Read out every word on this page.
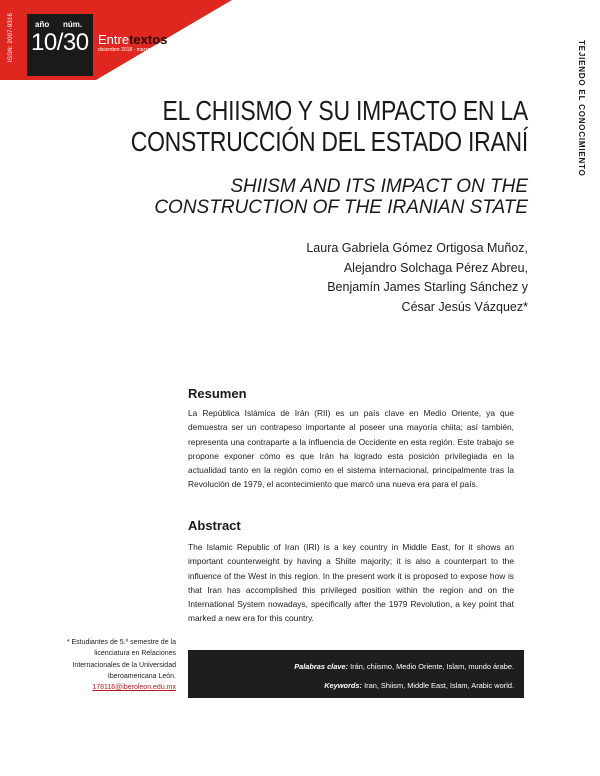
ISSN: 2007-9316	año núm.
10/30 Entretextos
diciembre 2018 - marzo 2019	TEJIENDO EL CONOCIMIENTO
EL CHIISMO Y SU IMPACTO EN LA
CONSTRUCCIÓN DEL ESTADO IRANÍ
SHIISM AND ITS IMPACT ON THE
CONSTRUCTION OF THE IRANIAN STATE
Laura Gabriela Gómez Ortigosa Muñoz,
Alejandro Solchaga Pérez Abreu,
Benjamín James Starling Sánchez y
César Jesús Vázquez*
Resumen
La República Islámica de Irán (RII) es un país clave en Medio Oriente, ya que demuestra ser un contrapeso importante al poseer una mayoría chiita; así también, representa una contraparte a la influencia de Occidente en esta región. Este trabajo se propone exponer cómo es que Irán ha logrado esta posición privilegiada en la actualidad tanto en la región como en el sistema internacional, principalmente tras la Revolución de 1979, el acontecimiento que marcó una nueva era para el país.
Abstract
The Islamic Republic of Iran (IRI) is a key country in Middle East, for it shows an important counterweight by having a Shiite majority; it is also a counterpart to the influence of the West in this region. In the present work it is proposed to expose how is that Iran has accomplished this privileged position within the region and on the International System nowadays, specifically after the 1979 Revolution, a key point that marked a new era for this country.
* Estudiantes de 5.º semestre de la licenciatura en Relaciones Internacionales de la Universidad Iberoamericana León.
178116@iberoleon.edu.mx
Palabras clave: Irán, chiismo, Medio Oriente, Islam, mundo árabe.
Keywords: Iran, Shiism, Middle East, Islam, Arabic world.
